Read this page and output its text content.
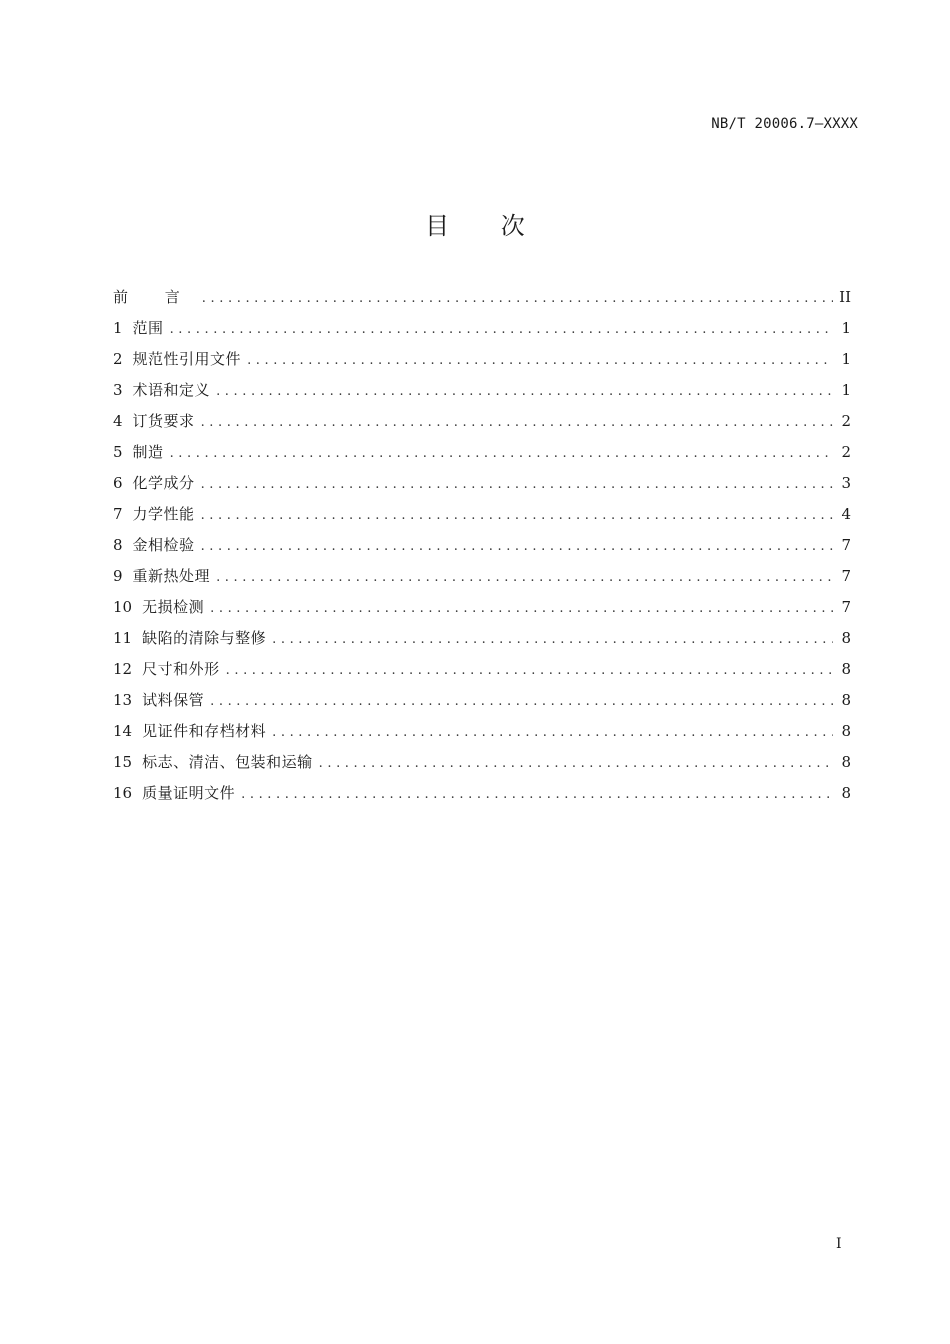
NB/T 20006.7—XXXX
目 次
前 言 .....	II
1 范围 .....	1
2 规范性引用文件 .....	1
3 术语和定义 .....	1
4 订货要求 .....	2
5 制造 .....	2
6 化学成分 .....	3
7 力学性能 .....	4
8 金相检验 .....	7
9 重新热处理 .....	7
10 无损检测 .....	7
11 缺陷的清除与整修 .....	8
12 尺寸和外形 .....	8
13 试料保管 .....	8
14 见证件和存档材料 .....	8
15 标志、清洁、包装和运输 .....	8
16 质量证明文件 .....	8
I
